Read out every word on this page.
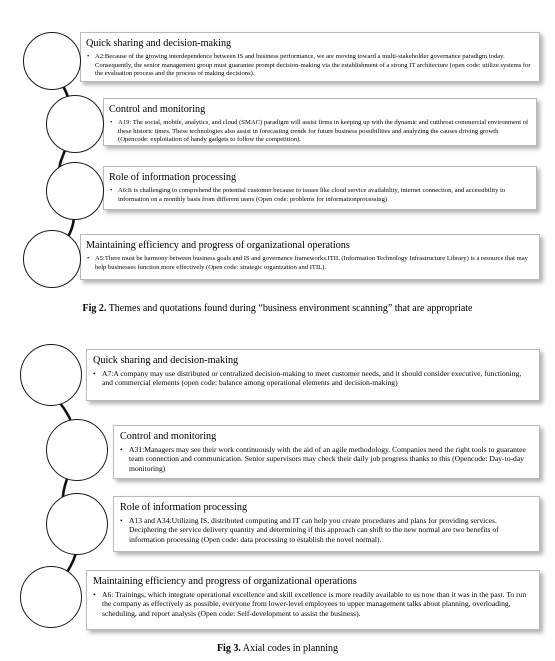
Quick sharing and decision-making
• A2:Because of the growing interdependence between IS and business performance, we are moving toward a multi-stakeholder governance paradigm today. Consequently, the senior management group must guarantee prompt decision-making via the establishment of a strong IT architecture (open code: utilize systems for the evaluation process and the process of making decisions).
Control and monitoring
• A19: The social, mobile, analytics, and cloud (SMAC) paradigm will assist firms in keeping up with the dynamic and cutthroat commercial environment of these historic times. These technologies also assist in forecasting trends for future business possibilities and analyzing the causes driving growth (Opencode: exploitation of handy gadgets to follow the competition).
Role of information processing
• A6:It is challenging to comprehend the potential customer because to issues like cloud service availability, internet connection, and accessibility to information on a monthly basis from different users (Open code: problems for informationprocessing)
Maintaining efficiency and progress of organizational operations
• A5:There must be harmony between business goals and IS and governance frameworks.ITIL (Information Technology Infrastructure Library) is a resource that may help businesses function more effectively (Open code: strategic organization and ITIL).
Fig 2. Themes and quotations found during “business environment scanning” that are appropriate
Quick sharing and decision-making
• A7:A company may use distributed or centralized decision-making to meet customer needs, and it should consider executive, functioning, and commercial elements (open code: balance among operational elements and decision-making)
Control and monitoring
• A31:Managers may see their work continuously with the aid of an agile methodology. Companies need the right tools to guarantee team connection and communication. Senior supervisors may check their daily job progress thanks to this (Opencode: Day-to-day monitoring)
Role of information processing
• A13 and A34:Utilizing IS, distributed computing and IT can help you create procedures and plans for providing services. Deciphering the service delivery quantity and determining if this approach can shift to the new normal are two benefits of information processing (Open code: data processing to establish the novel normal).
Maintaining efficiency and progress of organizational operations
• A6: Trainings, which integrate operational excellence and skill excellence is more readily available to us now than it was in the past. To run the company as effectively as possible, everyone from lower-level employees to upper management talks about planning, overloading, scheduling, and report analysis (Open code: Self-development to assist the business).
Fig 3. Axial codes in planning
